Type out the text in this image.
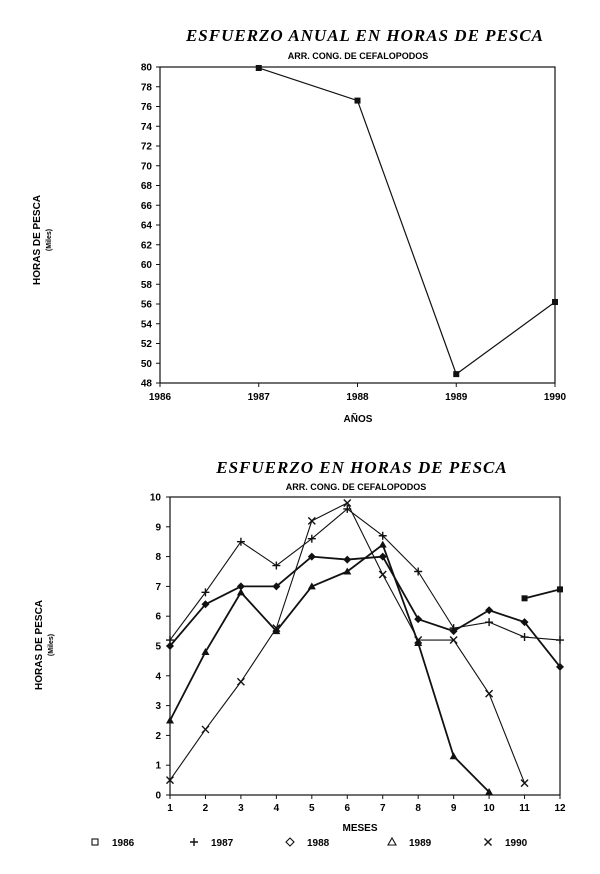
ESFUERZO ANUAL EN HORAS DE PESCA
ARR. CONG. DE CEFALOPODOS
48
50
52
54
56
58
60
62
64
66
68
70
72
74
76
78
80
1986	1987	1988	1989	1990
AÑOS
HORAS DE PESCA (Miles)
ESFUERZO EN HORAS DE PESCA
ARR. CONG. DE CEFALOPODOS
0
1
2
3
4
5
6
7
8
9
10
1	2	3	4	5	6	7	8	9	10 11 12
MESES
HORAS DE PESCA (Miles)
1986	1987	1988	1989	1990
